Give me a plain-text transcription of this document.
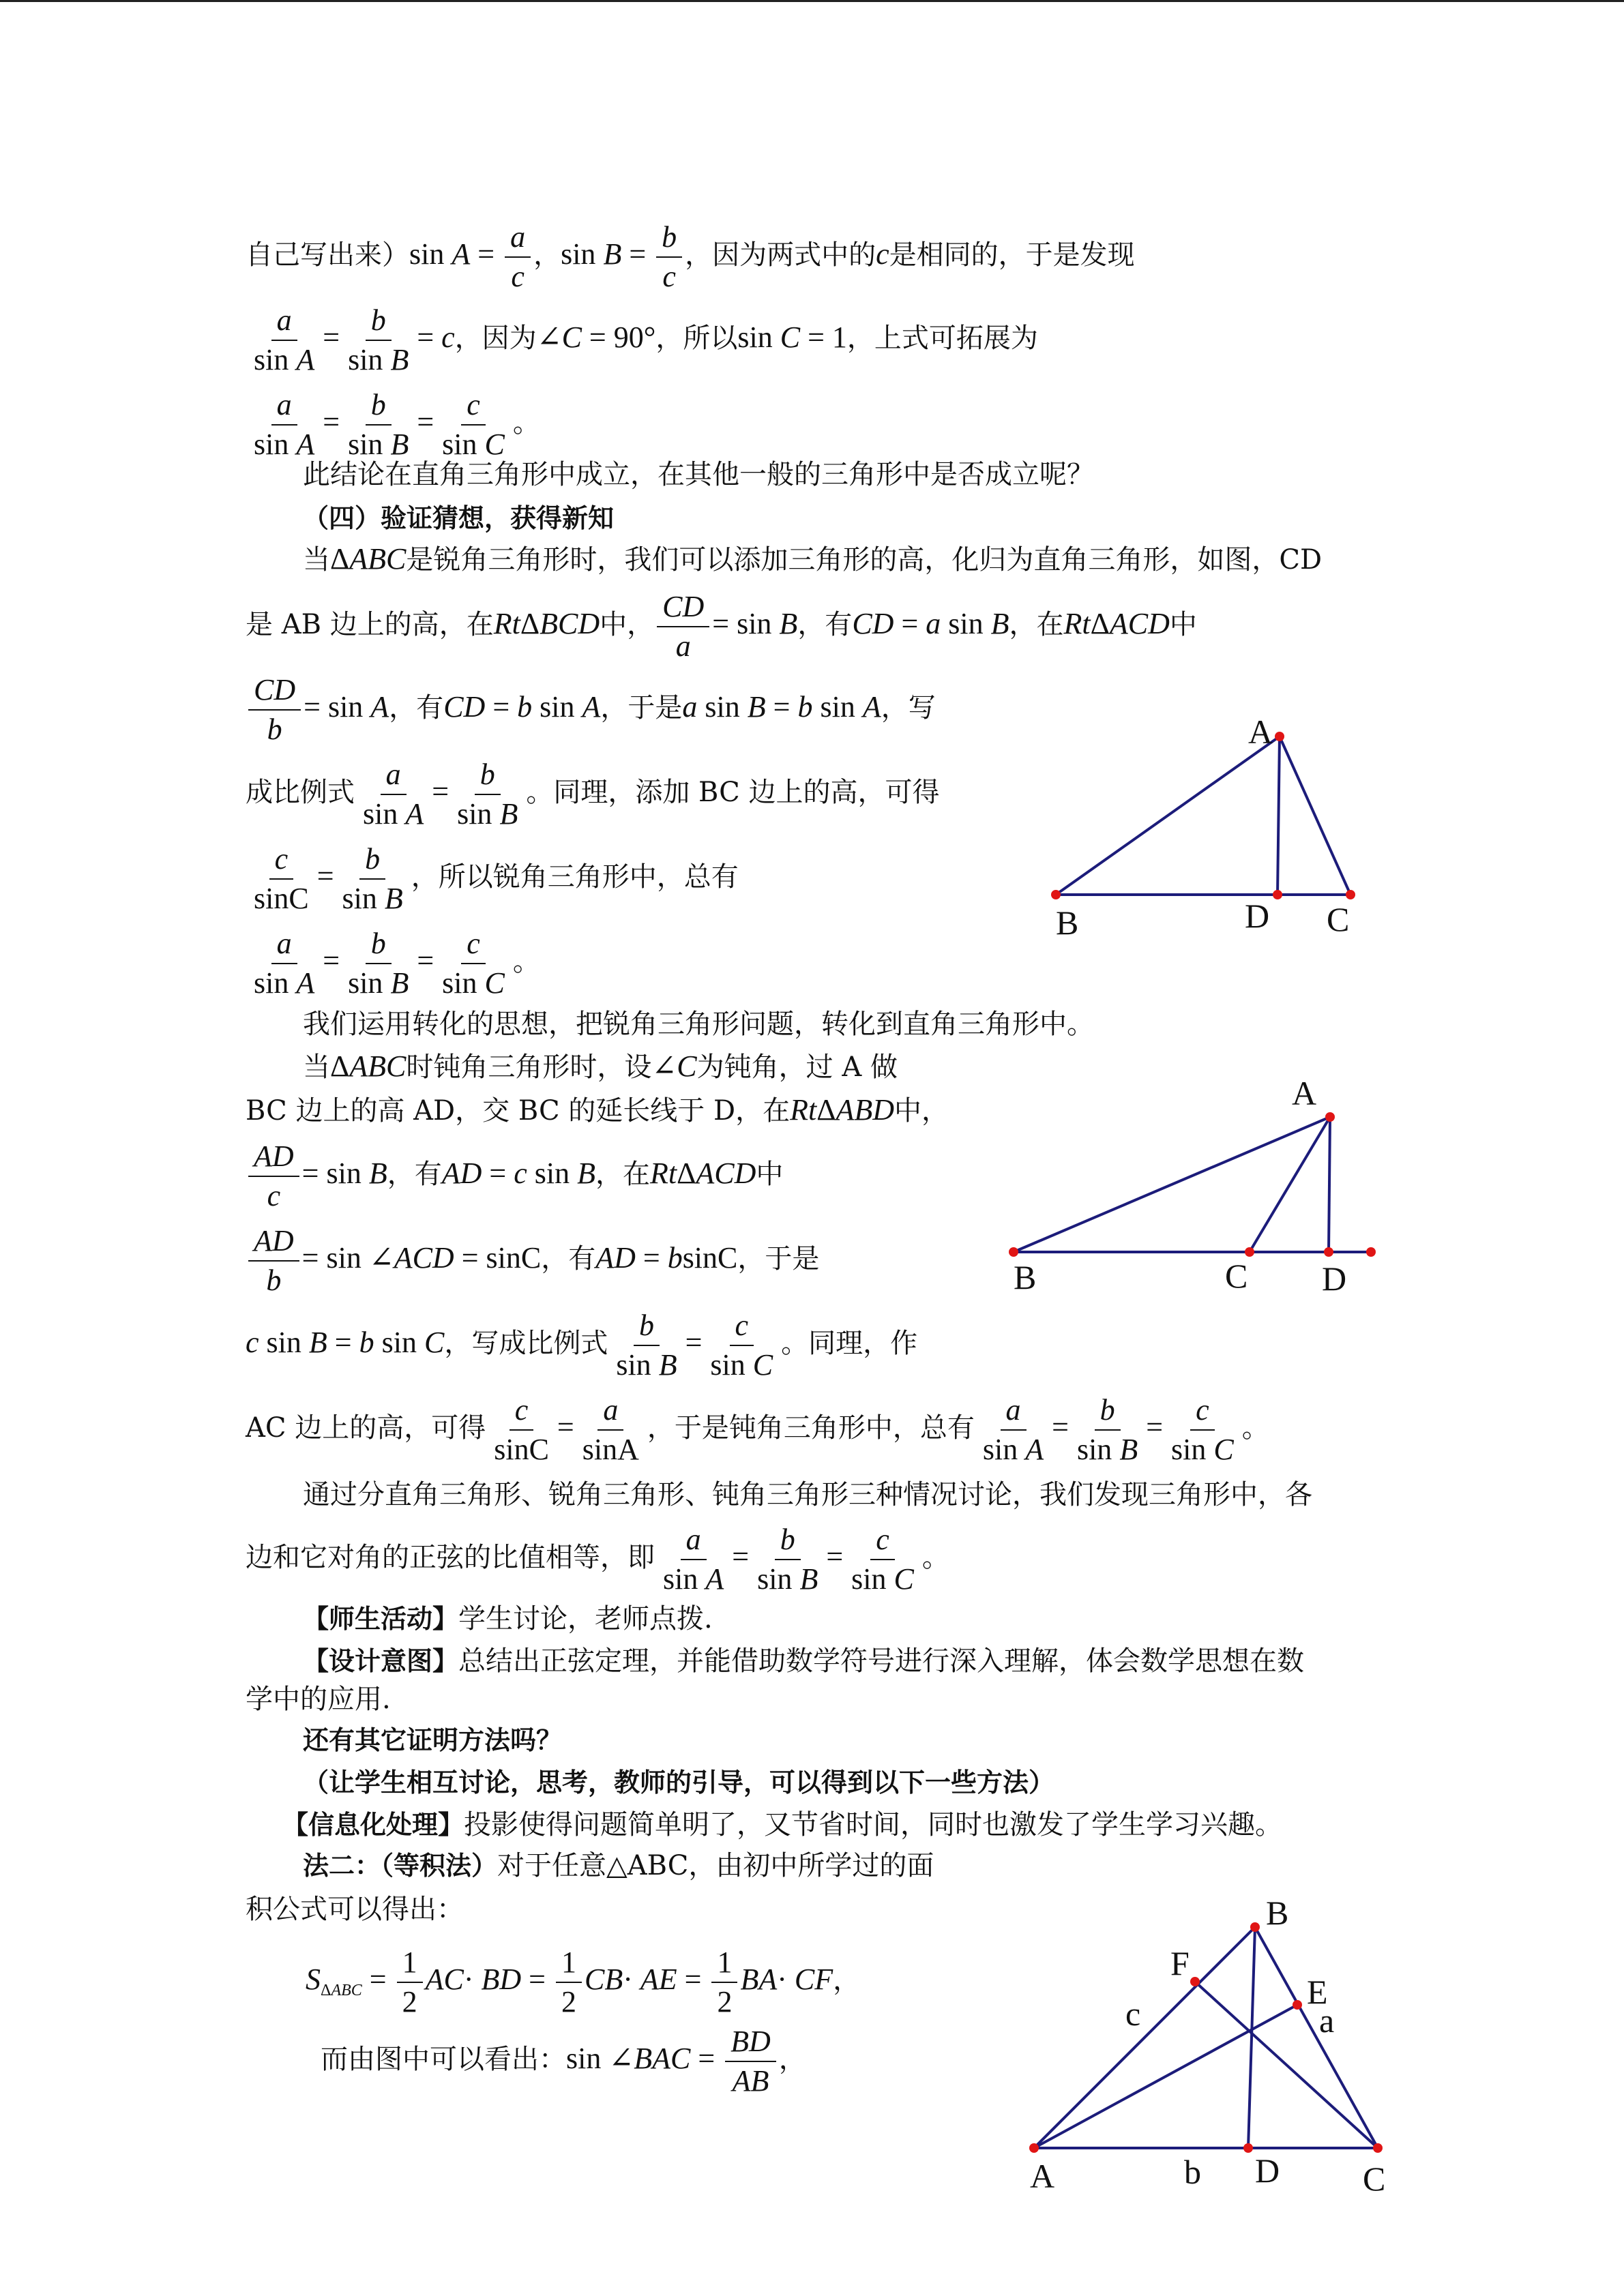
自己写出来）sin $A = \frac{a}{c}$ ，$\sin B = \frac{b}{c}$ ，因为两式中的c是相同的，于是发现
$\frac{a}{\text{sin A}} = \frac{b}{\text{sin B}} = c$，因为∠C = 90°，所以sin C = 1，上式可拓展为
$\frac{a}{\text{sin A}} = \frac{b}{\text{sin B}} = \frac{c}{\text{sin C}}$ 。
此结论在直角三角形中成立，在其他一般的三角形中是否成立呢？
（四）验证猜想，获得新知
当ΔABC是锐角三角形时，我们可以添加三角形的高，化归为直角三角形，如图，CD
是 AB 边上的高，在RtΔBCD中， $\frac{CD}{a} = \sin B$，有CD = a sin B，在RtΔACD中
$\frac{CD}{b} = \sin A$，有CD = b sin A，于是a sin B = b sin A，写
成比例式 $\frac{a}{\text{sin A}} = \frac{b}{\text{sin B}}$ 。同理，添加 BC 边上的高，可得
$\frac{c}{\sin C} = \frac{b}{\text{sin B}}$ ，所以锐角三角形中，总有
$\frac{a}{\text{sin A}} = \frac{b}{\text{sin B}} = \frac{c}{\text{sin C}}$ 。
我们运用转化的思想，把锐角三角形问题，转化到直角三角形中。
当ΔABC时钝角三角形时，设∠C为钝角，过 A 做
BC 边上的高 AD，交 BC 的延长线于 D，在RtΔABD中，
$\frac{AD}{c} = \sin B$，有AD = c sin B，在RtΔACD中
$\frac{AD}{b} = \sin$ ∠ACD = sinC，有AD = bsinC，于是
c sin B = b sin C，写成比例式 $\frac{b}{\text{sin B}} = \frac{c}{\text{sin C}}$ 。同理，作
AC 边上的高，可得 $\frac{c}{\sin C} = \frac{a}{\sin A}$ ，于是钝角三角形中，总有 $\frac{a}{\text{sin A}} = \frac{b}{\text{sin B}} = \frac{c}{\text{sin C}}$ 。
通过分直角三角形、锐角三角形、钝角三角形三种情况讨论，我们发现三角形中，各
边和它对角的正弦的比值相等，即 $\frac{a}{\text{sin A}} = \frac{b}{\text{sin B}} = \frac{c}{\text{sin C}}$ 。
【师生活动】学生讨论，老师点拨.
【设计意图】总结出正弦定理，并能借助数学符号进行深入理解，体会数学思想在数
学中的应用.
还有其它证明方法吗？
（让学生相互讨论，思考，教师的引导，可以得到以下一些方法）
【信息化处理】投影使得问题简单明了，又节省时间，同时也激发了学生学习兴趣。
法二：（等积法）对于任意△ABC，由初中所学过的面
积公式可以得出：
$S_{\Delta ABC} = \frac{1}{2} AC\cdot$ BD = $\frac{1}{2} CB\cdot$ AE = $\frac{1}{2} BA\cdot$ CF，
而由图中可以看出：sin ∠BAC = $\frac{BD}{AB}$ ，
A
B	D C
A
B	C D
A
B
C
D
E
F
c	a
b
